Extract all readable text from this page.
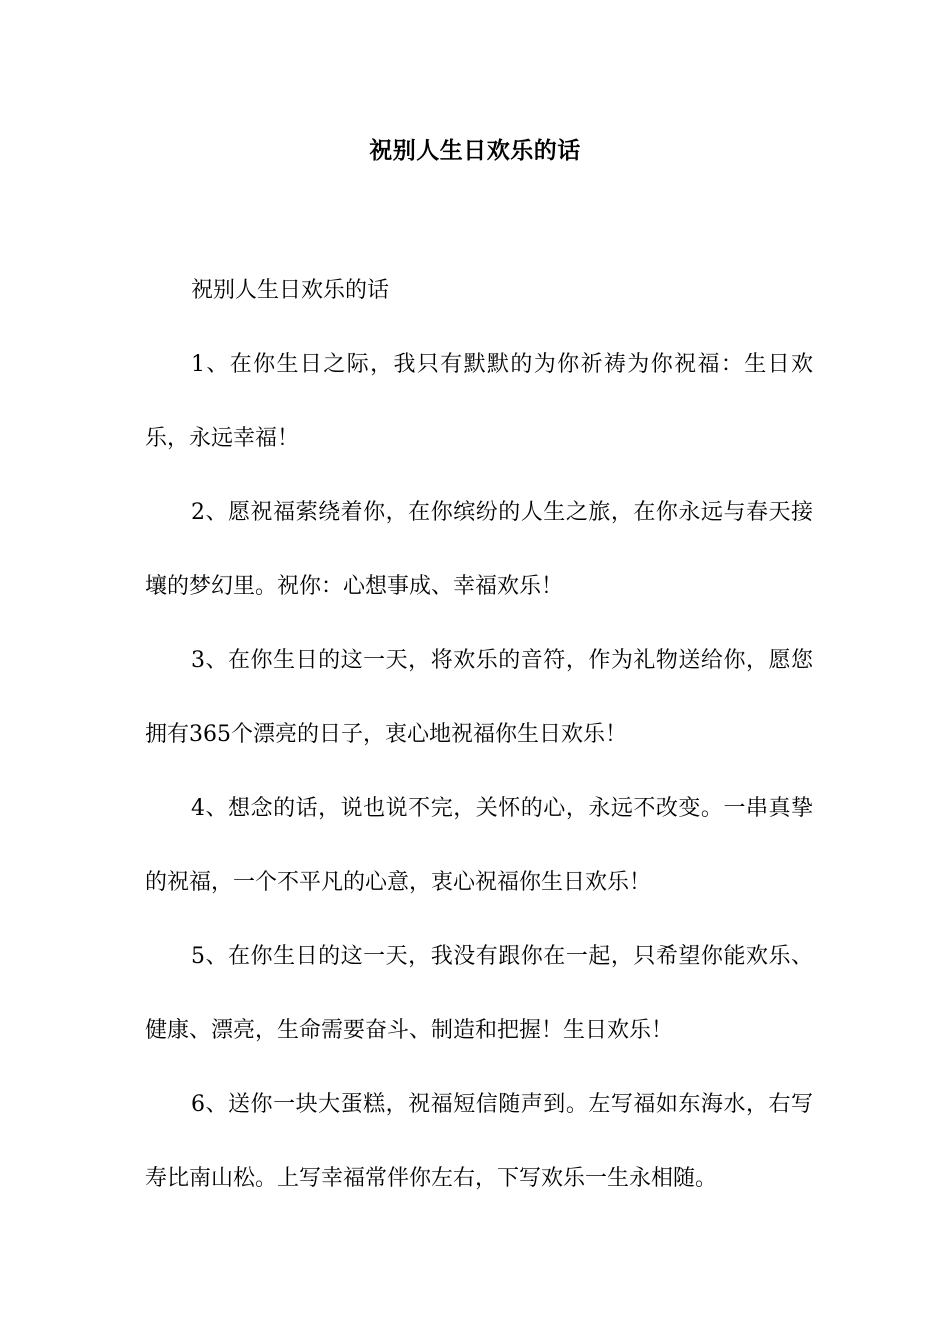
祝别人生日欢乐的话

祝别人生日欢乐的话

1、在你生日之际，我只有默默的为你祈祷为你祝福：生日欢乐，永远幸福！

2、愿祝福萦绕着你，在你缤纷的人生之旅，在你永远与春天接壤的梦幻里。祝你：心想事成、幸福欢乐！

3、在你生日的这一天，将欢乐的音符，作为礼物送给你，愿您拥有365个漂亮的日子，衷心地祝福你生日欢乐！

4、想念的话，说也说不完，关怀的心，永远不改变。一串真挚的祝福，一个不平凡的心意，衷心祝福你生日欢乐！

5、在你生日的这一天，我没有跟你在一起，只希望你能欢乐、健康、漂亮，生命需要奋斗、制造和把握！生日欢乐！

6、送你一块大蛋糕，祝福短信随声到。左写福如东海水，右写寿比南山松。上写幸福常伴你左右，下写欢乐一生永相随。
